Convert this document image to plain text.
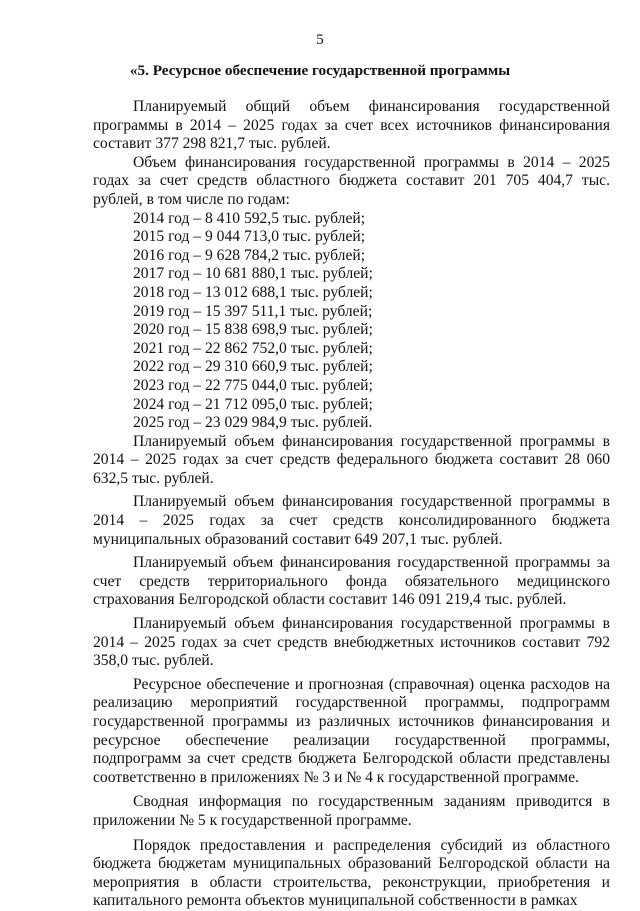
5
«5. Ресурсное обеспечение государственной программы

Планируемый общий объем финансирования государственной программы в 2014 – 2025 годах за счет всех источников финансирования составит 377 298 821,7 тыс. рублей.

Объем финансирования государственной программы в 2014 – 2025 годах за счет средств областного бюджета составит 201 705 404,7 тыс. рублей, в том числе по годам:

2014 год – 8 410 592,5 тыс. рублей;
2015 год – 9 044 713,0 тыс. рублей;
2016 год – 9 628 784,2 тыс. рублей;
2017 год – 10 681 880,1 тыс. рублей;
2018 год – 13 012 688,1 тыс. рублей;
2019 год – 15 397 511,1 тыс. рублей;
2020 год – 15 838 698,9 тыс. рублей;
2021 год – 22 862 752,0 тыс. рублей;
2022 год – 29 310 660,9 тыс. рублей;
2023 год – 22 775 044,0 тыс. рублей;
2024 год – 21 712 095,0 тыс. рублей;
2025 год – 23 029 984,9 тыс. рублей.

Планируемый объем финансирования государственной программы в 2014 – 2025 годах за счет средств федерального бюджета составит 28 060 632,5 тыс. рублей.

Планируемый объем финансирования государственной программы в 2014 – 2025 годах за счет средств консолидированного бюджета муниципальных образований составит 649 207,1 тыс. рублей.

Планируемый объем финансирования государственной программы за счет средств территориального фонда обязательного медицинского страхования Белгородской области составит 146 091 219,4 тыс. рублей.

Планируемый объем финансирования государственной программы в 2014 – 2025 годах за счет средств внебюджетных источников составит 792 358,0 тыс. рублей.

Ресурсное обеспечение и прогнозная (справочная) оценка расходов на реализацию мероприятий государственной программы, подпрограмм государственной программы из различных источников финансирования и ресурсное обеспечение реализации государственной программы, подпрограмм за счет средств бюджета Белгородской области представлены соответственно в приложениях № 3 и № 4 к государственной программе.

Сводная информация по государственным заданиям приводится в приложении № 5 к государственной программе.

Порядок предоставления и распределения субсидий из областного бюджета бюджетам муниципальных образований Белгородской области на мероприятия в области строительства, реконструкции, приобретения и капитального ремонта объектов муниципальной собственности в рамках
